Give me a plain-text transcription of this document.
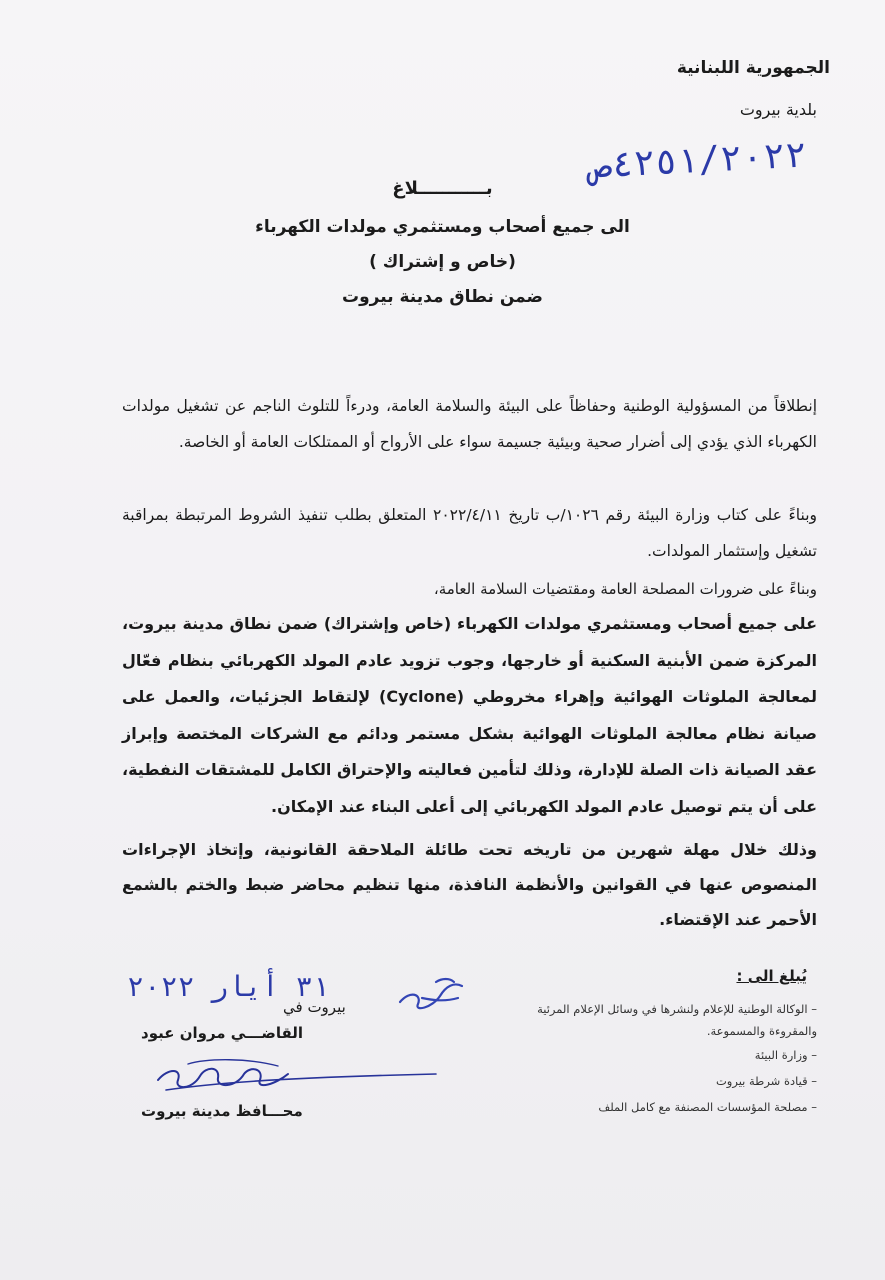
الجمهورية اللبنانية
بلدية بيروت
٤٢٥١/٢٠٢٢ص
بـــــــــــلاغ
الى جميع أصحاب ومستثمري مولدات الكهرباء
(خاص و إشتراك )
ضمن نطاق مدينة بيروت

إنطلاقاً من المسؤولية الوطنية وحفاظاً على البيئة والسلامة العامة، ودرءاً للتلوث الناجم عن تشغيل مولدات الكهرباء الذي يؤدي إلى أضرار صحية وبيئية جسيمة سواء على الأرواح أو الممتلكات العامة أو الخاصة.

وبناءً على كتاب وزارة البيئة رقم ١٠٢٦/ب تاريخ ٢٠٢٢/٤/١١ المتعلق بطلب تنفيذ الشروط المرتبطة بمراقبة تشغيل وإستثمار المولدات.

وبناءً على ضرورات المصلحة العامة ومقتضيات السلامة العامة،

على جميع أصحاب ومستثمري مولدات الكهرباء (خاص وإشتراك) ضمن نطاق مدينة بيروت، المركزة ضمن الأبنية السكنية أو خارجها، وجوب تزويد عادم المولد الكهربائي بنظام فعّال لمعالجة الملوثات الهوائية وإهراء مخروطي (Cyclone) لإلتقاط الجزئيات، والعمل على صيانة نظام معالجة الملوثات الهوائية بشكل مستمر ودائم مع الشركات المختصة وإبراز عقد الصيانة ذات الصلة للإدارة، وذلك لتأمين فعاليته والإحتراق الكامل للمشتقات النفطية، على أن يتم توصيل عادم المولد الكهربائي إلى أعلى البناء عند الإمكان.

وذلك خلال مهلة شهرين من تاريخه تحت طائلة الملاحقة القانونية، وإتخاذ الإجراءات المنصوص عنها في القوانين والأنظمة النافذة، منها تنظيم محاضر ضبط والختم بالشمع الأحمر عند الإقتضاء.

يُبلغ الى :
– الوكالة الوطنية للإعلام ولنشرها في وسائل الإعلام المرئية والمقروءة والمسموعة.
– وزارة البيئة
– قيادة شرطة بيروت
– مصلحة المؤسسات المصنفة مع كامل الملف
٣١ أيار ٢٠٢٢
بيروت في
القاضـــي مروان عبود
محـــافظ مدينة بيروت
